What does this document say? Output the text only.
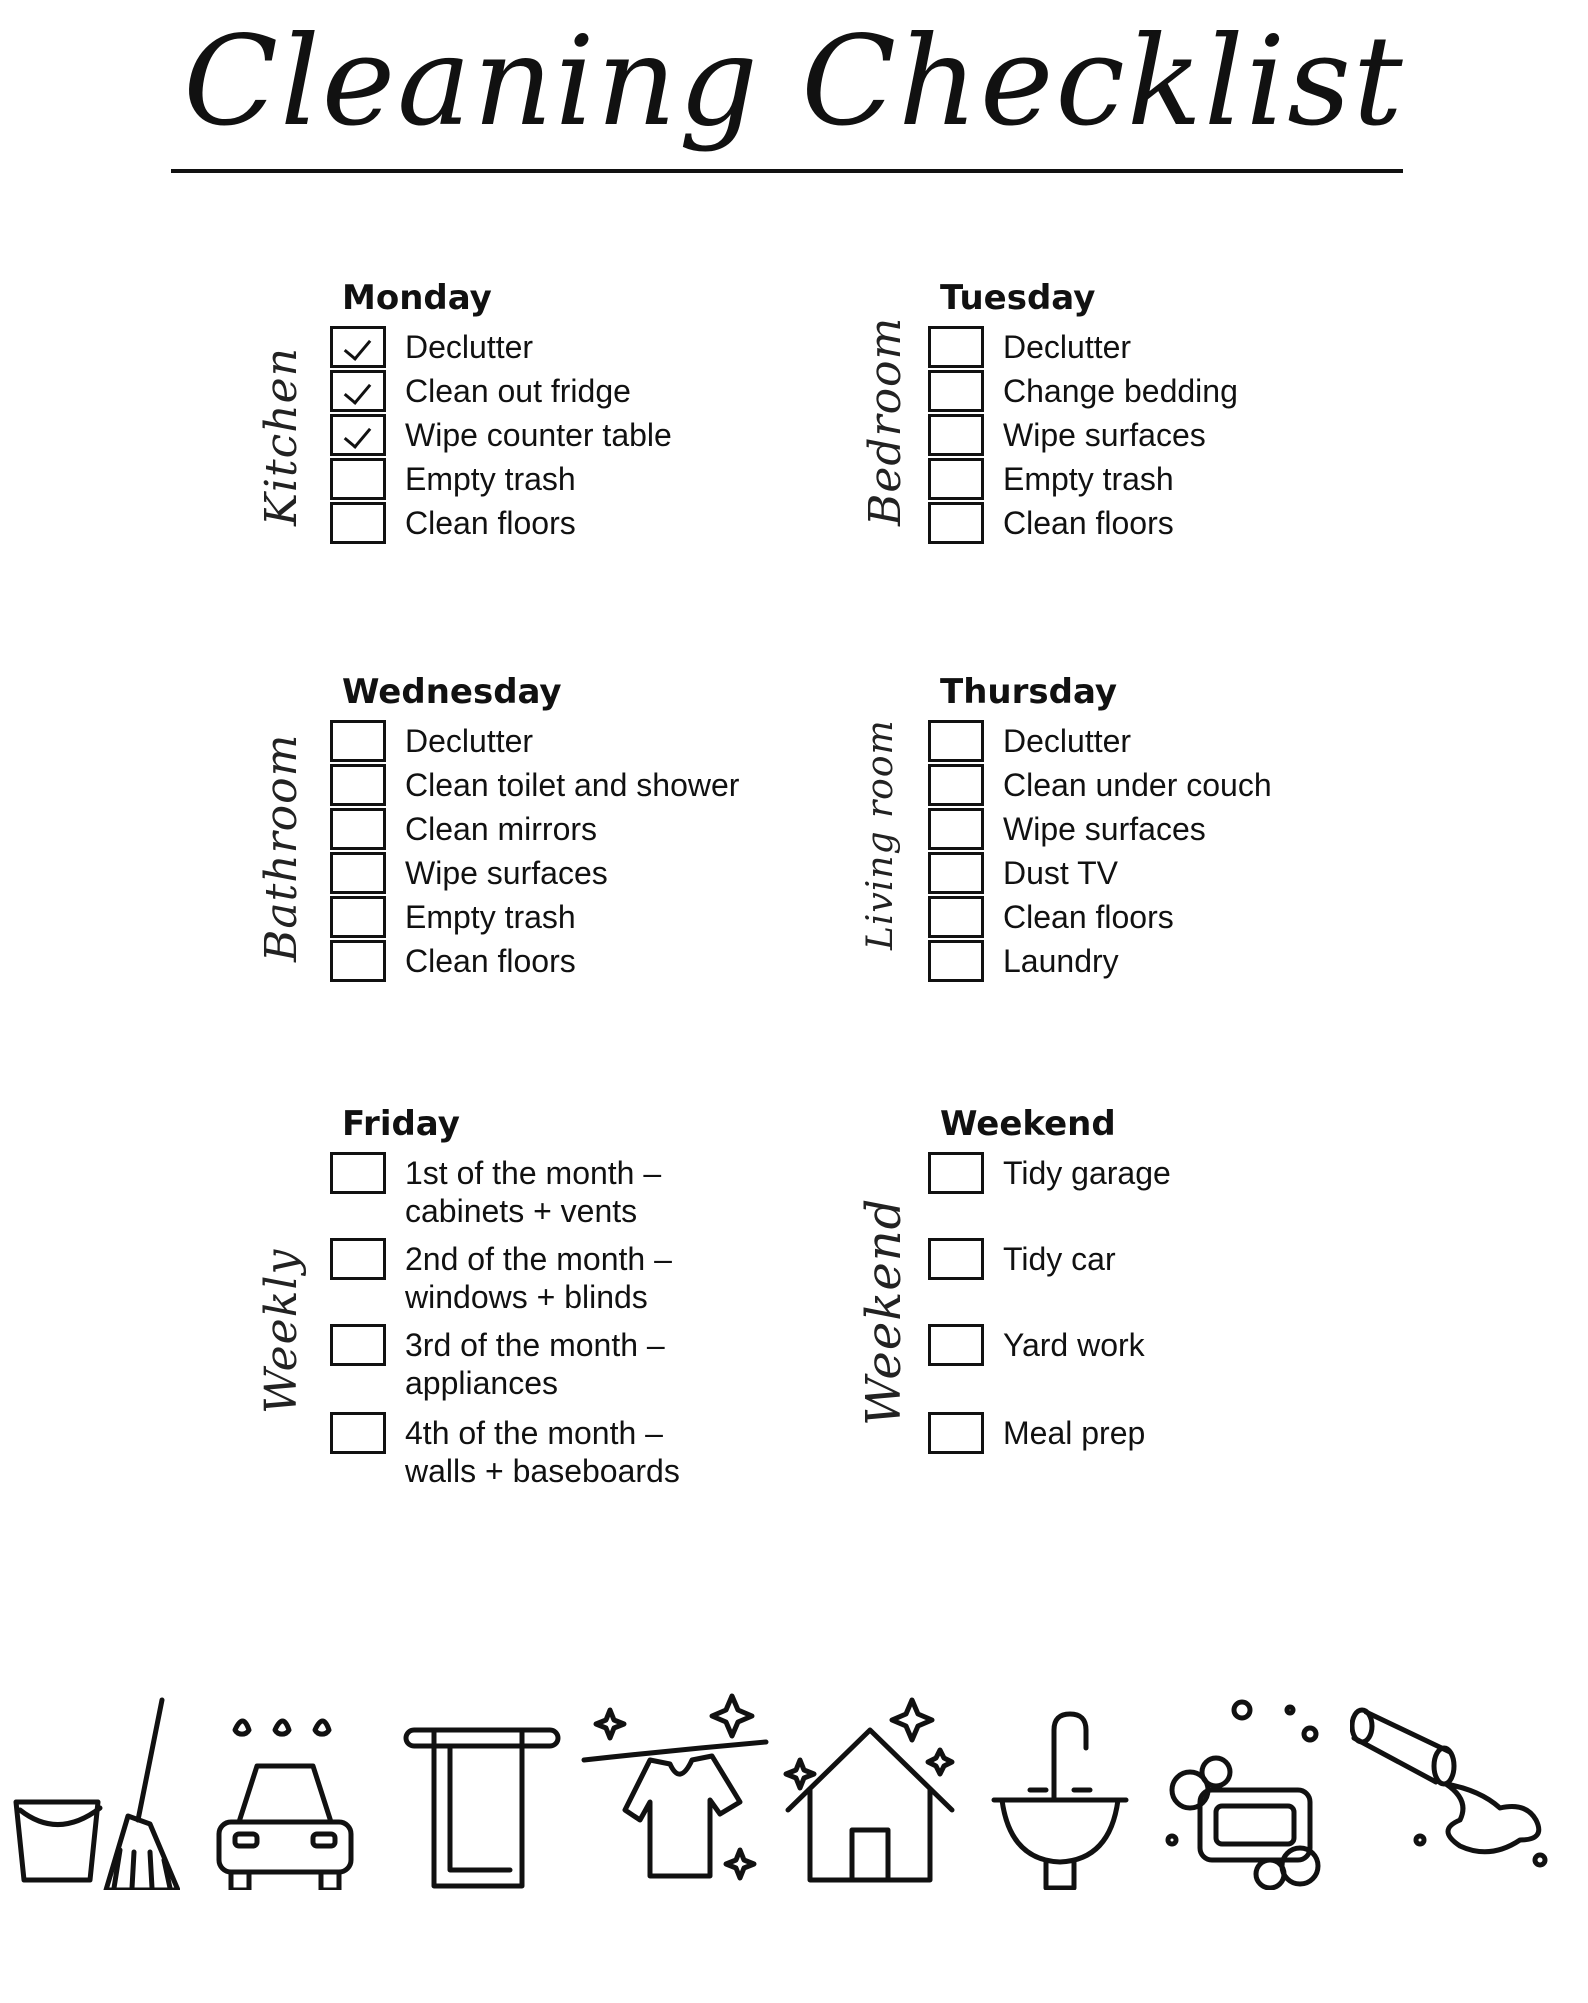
Cleaning Checklist
Kitchen
Monday
Declutter
Clean out fridge
Wipe counter table
Empty trash
Clean floors	Bedroom
Tuesday
Declutter
Change bedding
Wipe surfaces
Empty trash
Clean floors
Bathroom
Wednesday
Declutter
Clean toilet and shower
Clean mirrors
Wipe surfaces
Empty trash
Clean floors
Living room
Thursday
Declutter
Clean under couch
Wipe surfaces
Dust TV
Clean floors
Laundry
Weekly
Friday
1st of the month – cabinets + vents
2nd of the month – windows + blinds
3rd of the month – appliances
4th of the month – walls + baseboards
Weekend
Weekend
Tidy garage
Tidy car
Yard work
Meal prep
